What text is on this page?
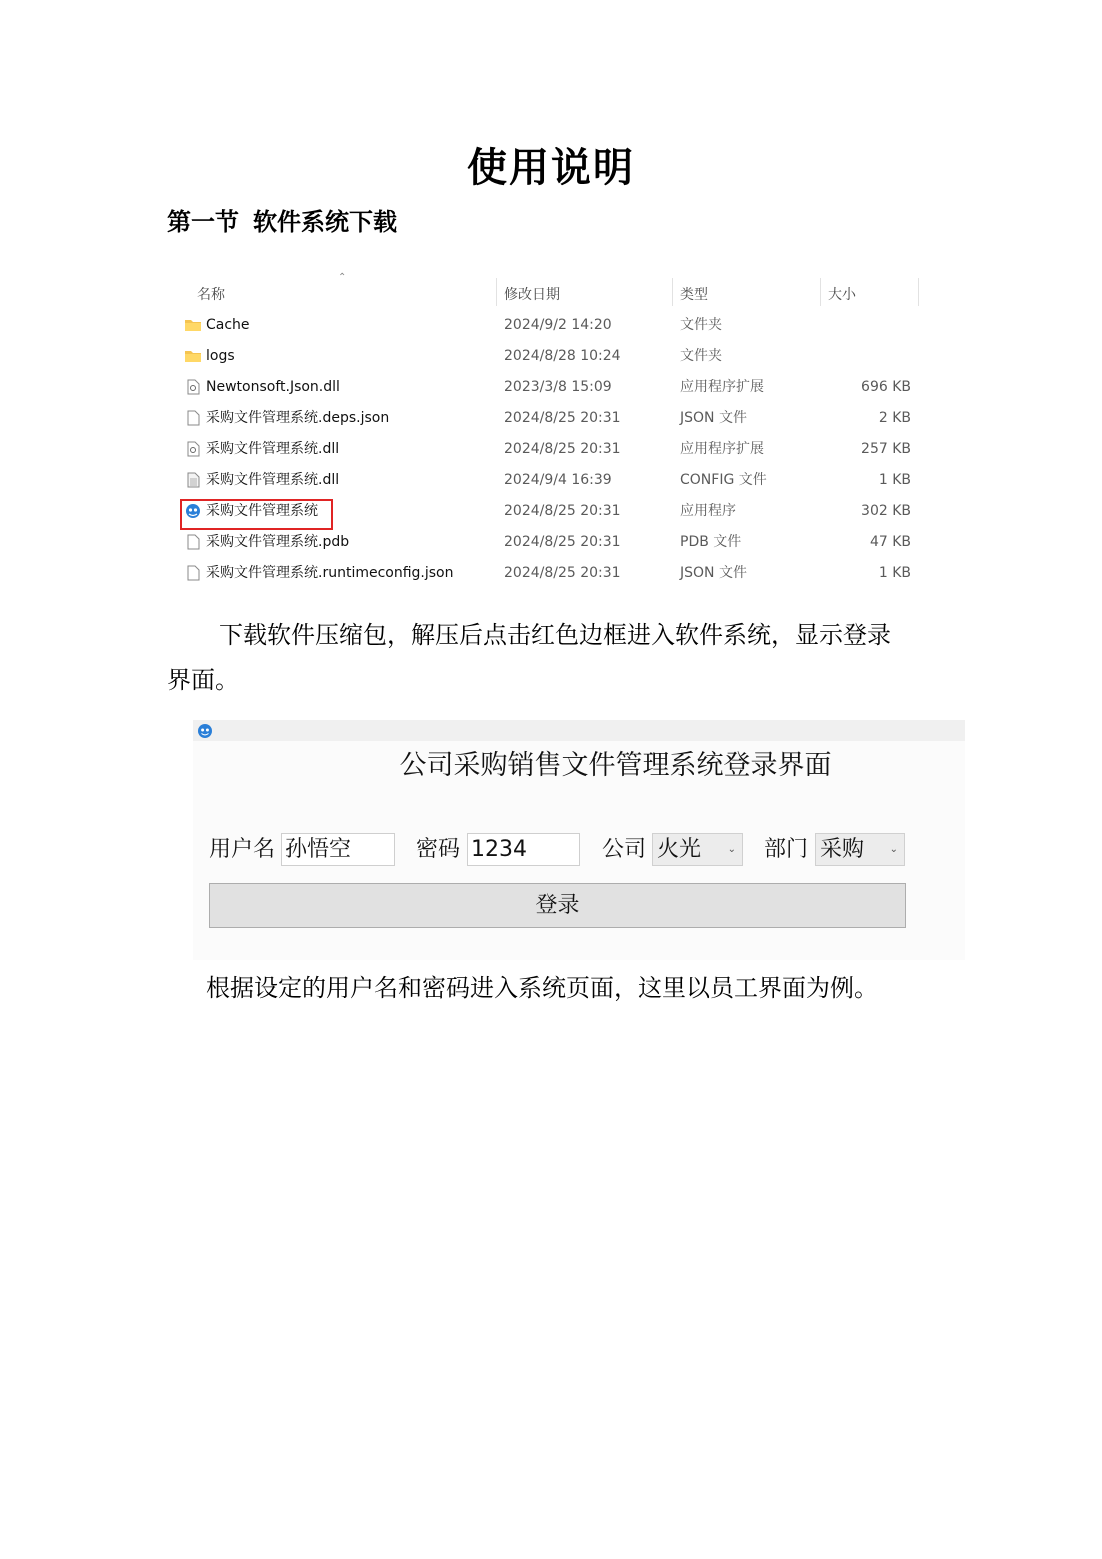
使用说明
第一节 软件系统下载
⌃
名称	修改日期	类型	大小
Cache	2024/9/2 14:20	文件夹
logs	2024/8/28 10:24	文件夹
Newtonsoft.Json.dll	2023/3/8 15:09	应用程序扩展	696 KB
采购文件管理系统.deps.json	2024/8/25 20:31	JSON 文件	2 KB
采购文件管理系统.dll	2024/8/25 20:31	应用程序扩展	257 KB
采购文件管理系统.dll	2024/9/4 16:39	CONFIG 文件	1 KB
采购文件管理系统	2024/8/25 20:31	应用程序	302 KB
采购文件管理系统.pdb	2024/8/25 20:31	PDB 文件	47 KB
采购文件管理系统.runtimeconfig.json	2024/8/25 20:31	JSON 文件	1 KB
下载软件压缩包，解压后点击红色边框进入软件系统，显示登录
界面。
公司采购销售文件管理系统登录界面
用户名 孙悟空	密码 1234	公司 火光	⌄ 部门 采购	⌄
登录
根据设定的用户名和密码进入系统页面，这里以员工界面为例。
